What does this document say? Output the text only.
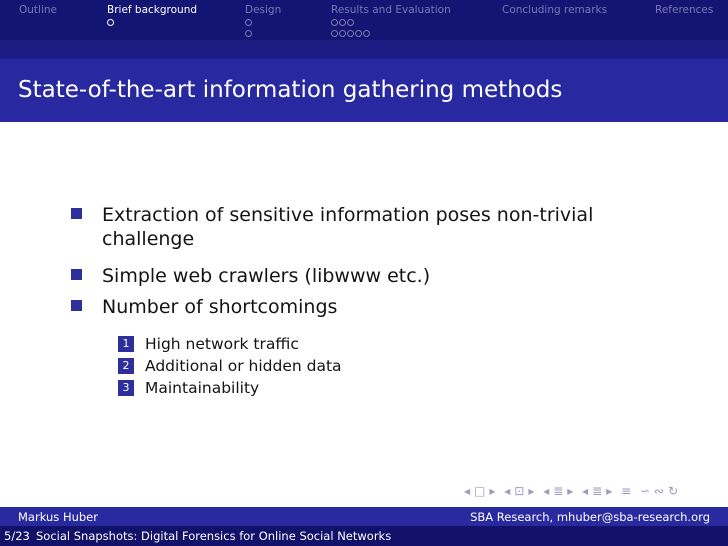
Outline	Brief background	Design	Results and Evaluation	Concluding remarks	References
State-of-the-art information gathering methods
Extraction of sensitive information poses non-trivial challenge
Simple web crawlers (libwww etc.)
Number of shortcomings
1 High network traffic
2 Additional or hidden data
3 Maintainability
◂ □ ▸ ◂ ⊡ ▸ ◂ ≣ ▸ ◂ ≣ ▸ ≡ ∽ ∾ ↻
Markus Huber	SBA Research, mhuber@sba-research.org
5/23 Social Snapshots: Digital Forensics for Online Social Networks
